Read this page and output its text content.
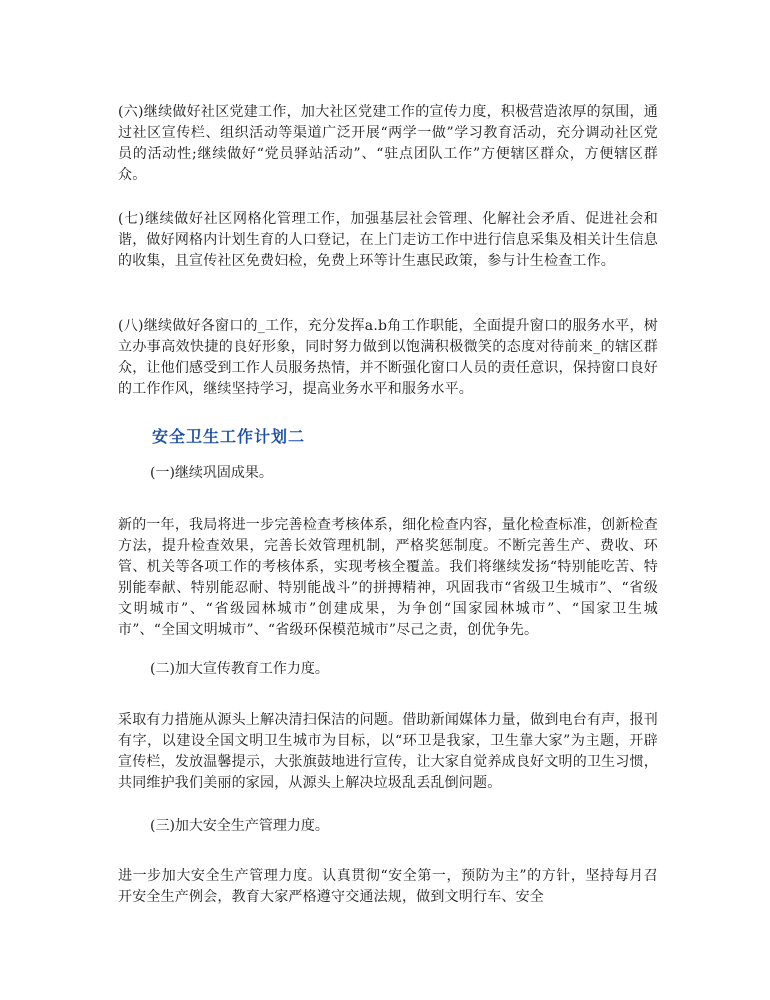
(六)继续做好社区党建工作，加大社区党建工作的宣传力度，积极营造浓厚的氛围，通过社区宣传栏、组织活动等渠道广泛开展“两学一做”学习教育活动，充分调动社区党员的活动性;继续做好“党员驿站活动”、“驻点团队工作”方便辖区群众，方便辖区群众。

(七)继续做好社区网格化管理工作，加强基层社会管理、化解社会矛盾、促进社会和谐，做好网格内计划生育的人口登记，在上门走访工作中进行信息采集及相关计生信息的收集，且宣传社区免费妇检，免费上环等计生惠民政策，参与计生检查工作。

(八)继续做好各窗口的_工作，充分发挥a.b角工作职能，全面提升窗口的服务水平，树立办事高效快捷的良好形象，同时努力做到以饱满积极微笑的态度对待前来_的辖区群众，让他们感受到工作人员服务热情，并不断强化窗口人员的责任意识，保持窗口良好的工作作风，继续坚持学习，提高业务水平和服务水平。

安全卫生工作计划二

(一)继续巩固成果。

新的一年，我局将进一步完善检查考核体系，细化检查内容，量化检查标准，创新检查方法，提升检查效果，完善长效管理机制，严格奖惩制度。不断完善生产、费收、环管、机关等各项工作的考核体系，实现考核全覆盖。我们将继续发扬“特别能吃苦、特别能奉献、特别能忍耐、特别能战斗”的拼搏精神，巩固我市“省级卫生城市”、“省级文明城市”、“省级园林城市”创建成果，为争创“国家园林城市”、“国家卫生城市”、“全国文明城市”、“省级环保模范城市”尽己之责，创优争先。

(二)加大宣传教育工作力度。

采取有力措施从源头上解决清扫保洁的问题。借助新闻媒体力量，做到电台有声，报刊有字，以建设全国文明卫生城市为目标，以“环卫是我家，卫生靠大家”为主题，开辟宣传栏，发放温馨提示，大张旗鼓地进行宣传，让大家自觉养成良好文明的卫生习惯，共同维护我们美丽的家园，从源头上解决垃圾乱丢乱倒问题。

(三)加大安全生产管理力度。

进一步加大安全生产管理力度。认真贯彻“安全第一，预防为主”的方针，坚持每月召开安全生产例会，教育大家严格遵守交通法规，做到文明行车、安全
